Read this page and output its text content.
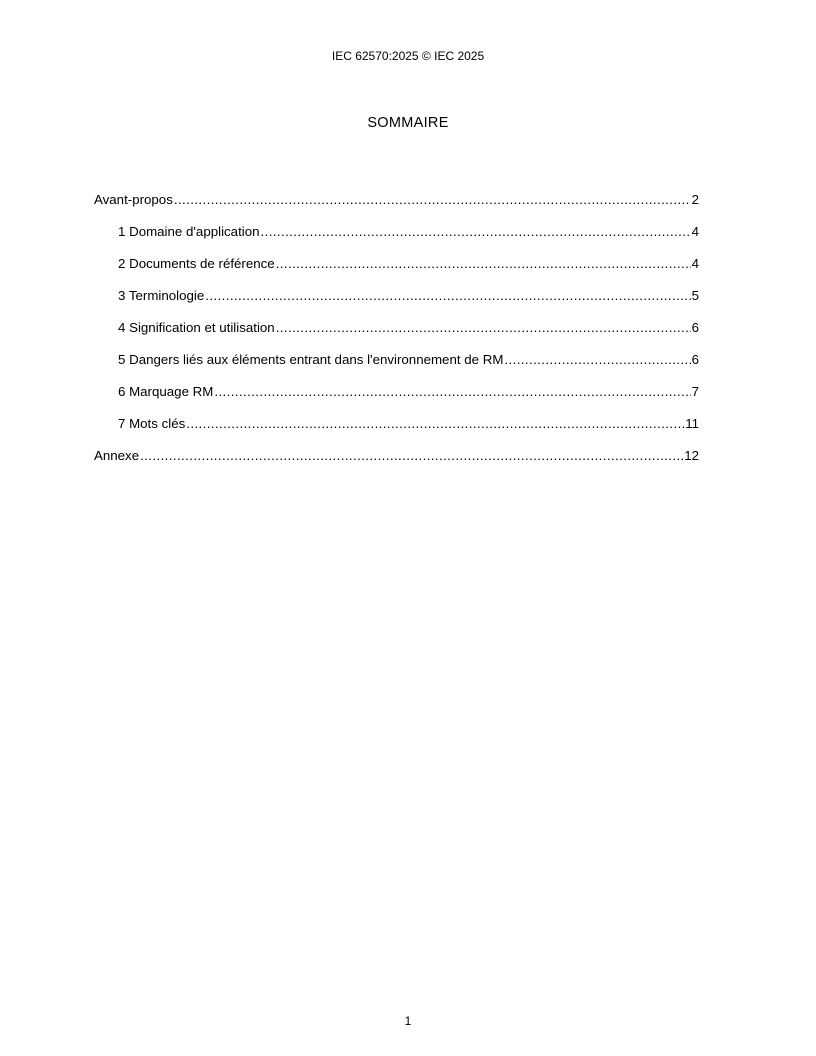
IEC 62570:2025 © IEC 2025
SOMMAIRE
Avant-propos .....	2
1 Domaine d'application .....	4
2 Documents de référence .....	4
3 Terminologie .....	5
4 Signification et utilisation .....	6
5 Dangers liés aux éléments entrant dans l'environnement de RM .....	6
6 Marquage RM .....	7
7 Mots clés .....	11
Annexe .....	12
1
